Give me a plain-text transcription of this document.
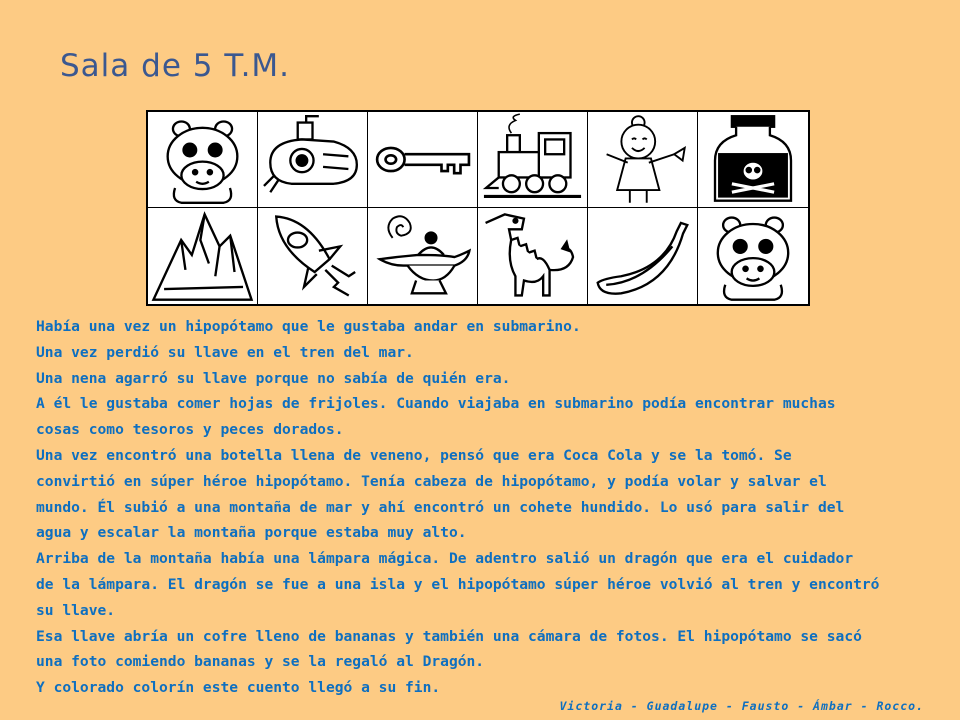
Sala de 5 T.M.

Había una vez un hipopótamo que le gustaba andar en submarino.

Una vez perdió su llave en el tren del mar.

Una nena agarró su llave porque no sabía de quién era.

A él le gustaba comer hojas de frijoles. Cuando viajaba en submarino podía encontrar muchas

cosas como tesoros y peces dorados.

Una vez encontró una botella llena de veneno, pensó que era Coca Cola y se la tomó. Se

convirtió en súper héroe hipopótamo. Tenía cabeza de hipopótamo, y podía volar y salvar el

mundo. Él subió a una montaña de mar y ahí encontró un cohete hundido. Lo usó para salir del

agua y escalar la montaña porque estaba muy alto.

Arriba de la montaña había una lámpara mágica. De adentro salió un dragón que era el cuidador

de la lámpara. El dragón se fue a una isla y el hipopótamo súper héroe volvió al tren y encontró

su llave.

Esa llave abría un cofre lleno de bananas y también una cámara de fotos. El hipopótamo se sacó

una foto comiendo bananas y se la regaló al Dragón.

Y colorado colorín este cuento llegó a su fin.

Victoria - Guadalupe - Fausto - Ámbar - Rocco.
